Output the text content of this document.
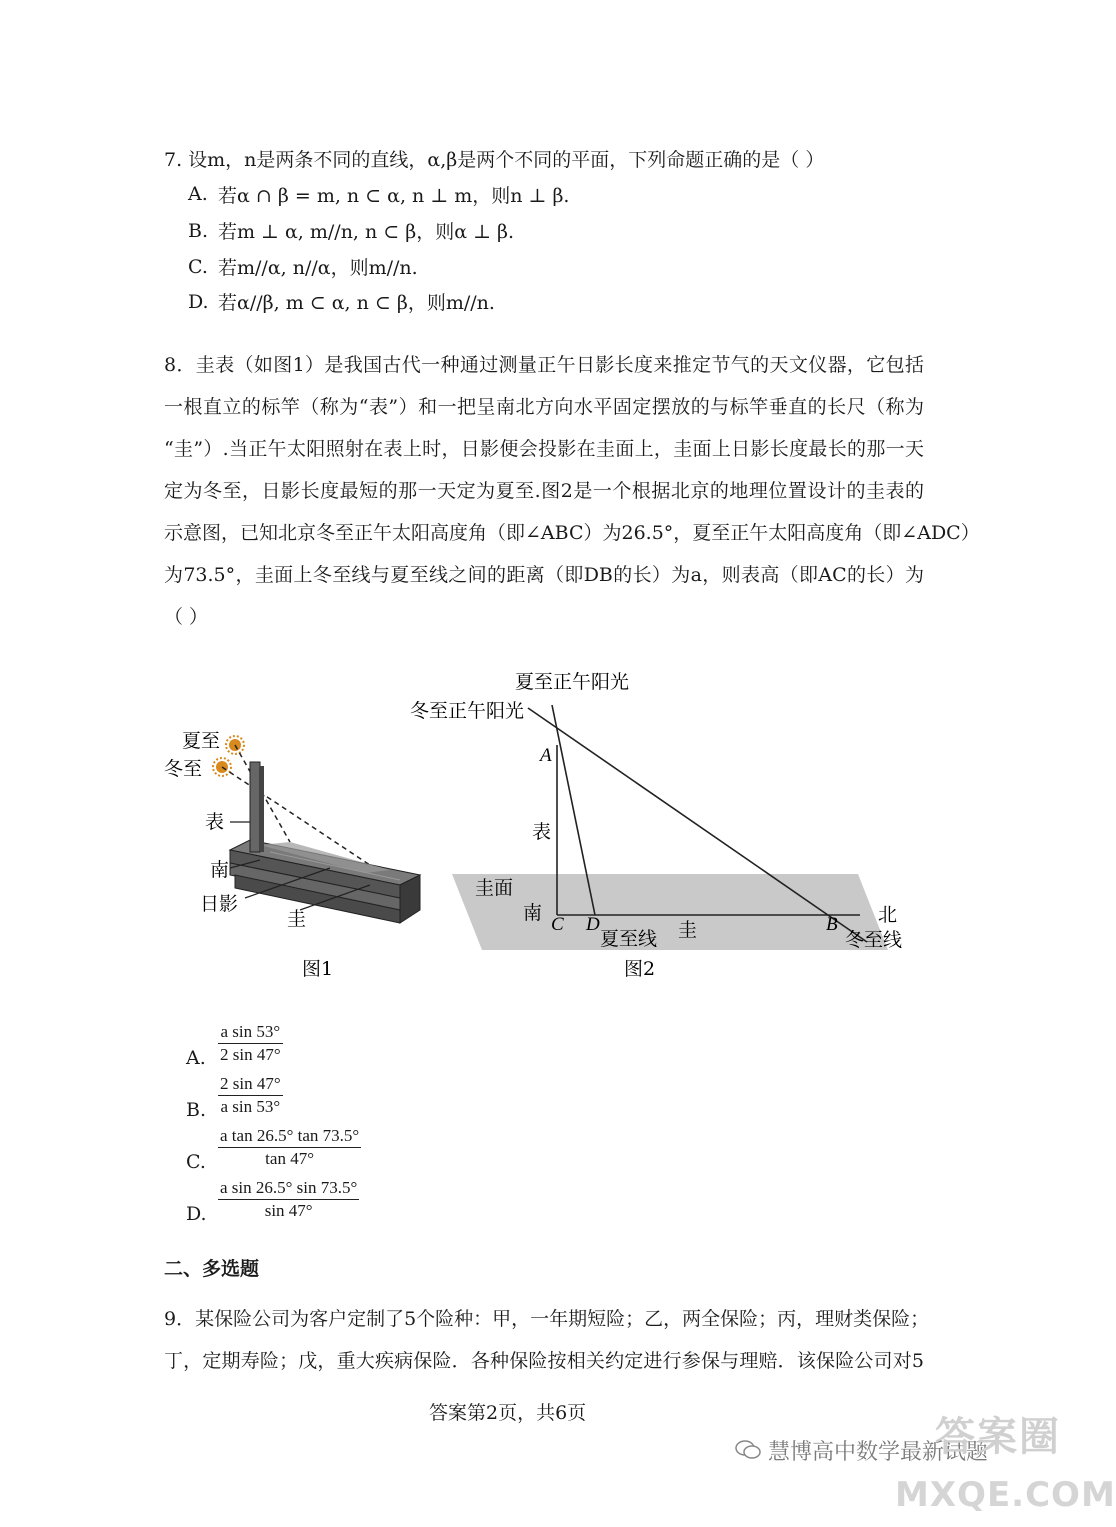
7. 设m，n是两条不同的直线，α,β是两个不同的平面，下列命题正确的是（ ）
若α ∩ β = m, n ⊂ α, n ⊥ m，则n ⊥ β.
A.
B. 若m ⊥ α, m//n, n ⊂ β，则α ⊥ β.
C. 若m//α, n//α，则m//n.
D. 若α//β, m ⊂ α, n ⊂ β，则m//n.
8．圭表（如图1）是我国古代一种通过测量正午日影长度来推定节气的天文仪器，它包括
一根直立的标竿（称为“表”）和一把呈南北方向水平固定摆放的与标竿垂直的长尺（称为
“圭”）.当正午太阳照射在表上时，日影便会投影在圭面上，圭面上日影长度最长的那一天
定为冬至，日影长度最短的那一天定为夏至.图2是一个根据北京的地理位置设计的圭表的
示意图，已知北京冬至正午太阳高度角（即∠ABC）为26.5°，夏至正午太阳高度角（即∠ADC）
为73.5°，圭面上冬至线与夏至线之间的距离（即DB的长）为a，则表高（即AC的长）为
（ ）
夏至
冬至
表
南
日影
圭
图1
夏至正午阳光
冬至正午阳光
A
表
圭面
南
C D
夏至线 圭	B 北
冬至线
图2
A.
a sin 53°
2 sin 47°
B.
2 sin 47°
a sin 53°
C.
a tan 26.5° tan 73.5°
tan 47°
D.
a sin 26.5° sin 73.5°
sin 47°
二、多选题
9．某保险公司为客户定制了5个险种：甲，一年期短险；乙，两全保险；丙，理财类保险；
丁，定期寿险；戊，重大疾病保险．各种保险按相关约定进行参保与理赔．该保险公司对5
答案第2页，共6页
慧博高中数学最新试题
答案圈
MXQE.COM
